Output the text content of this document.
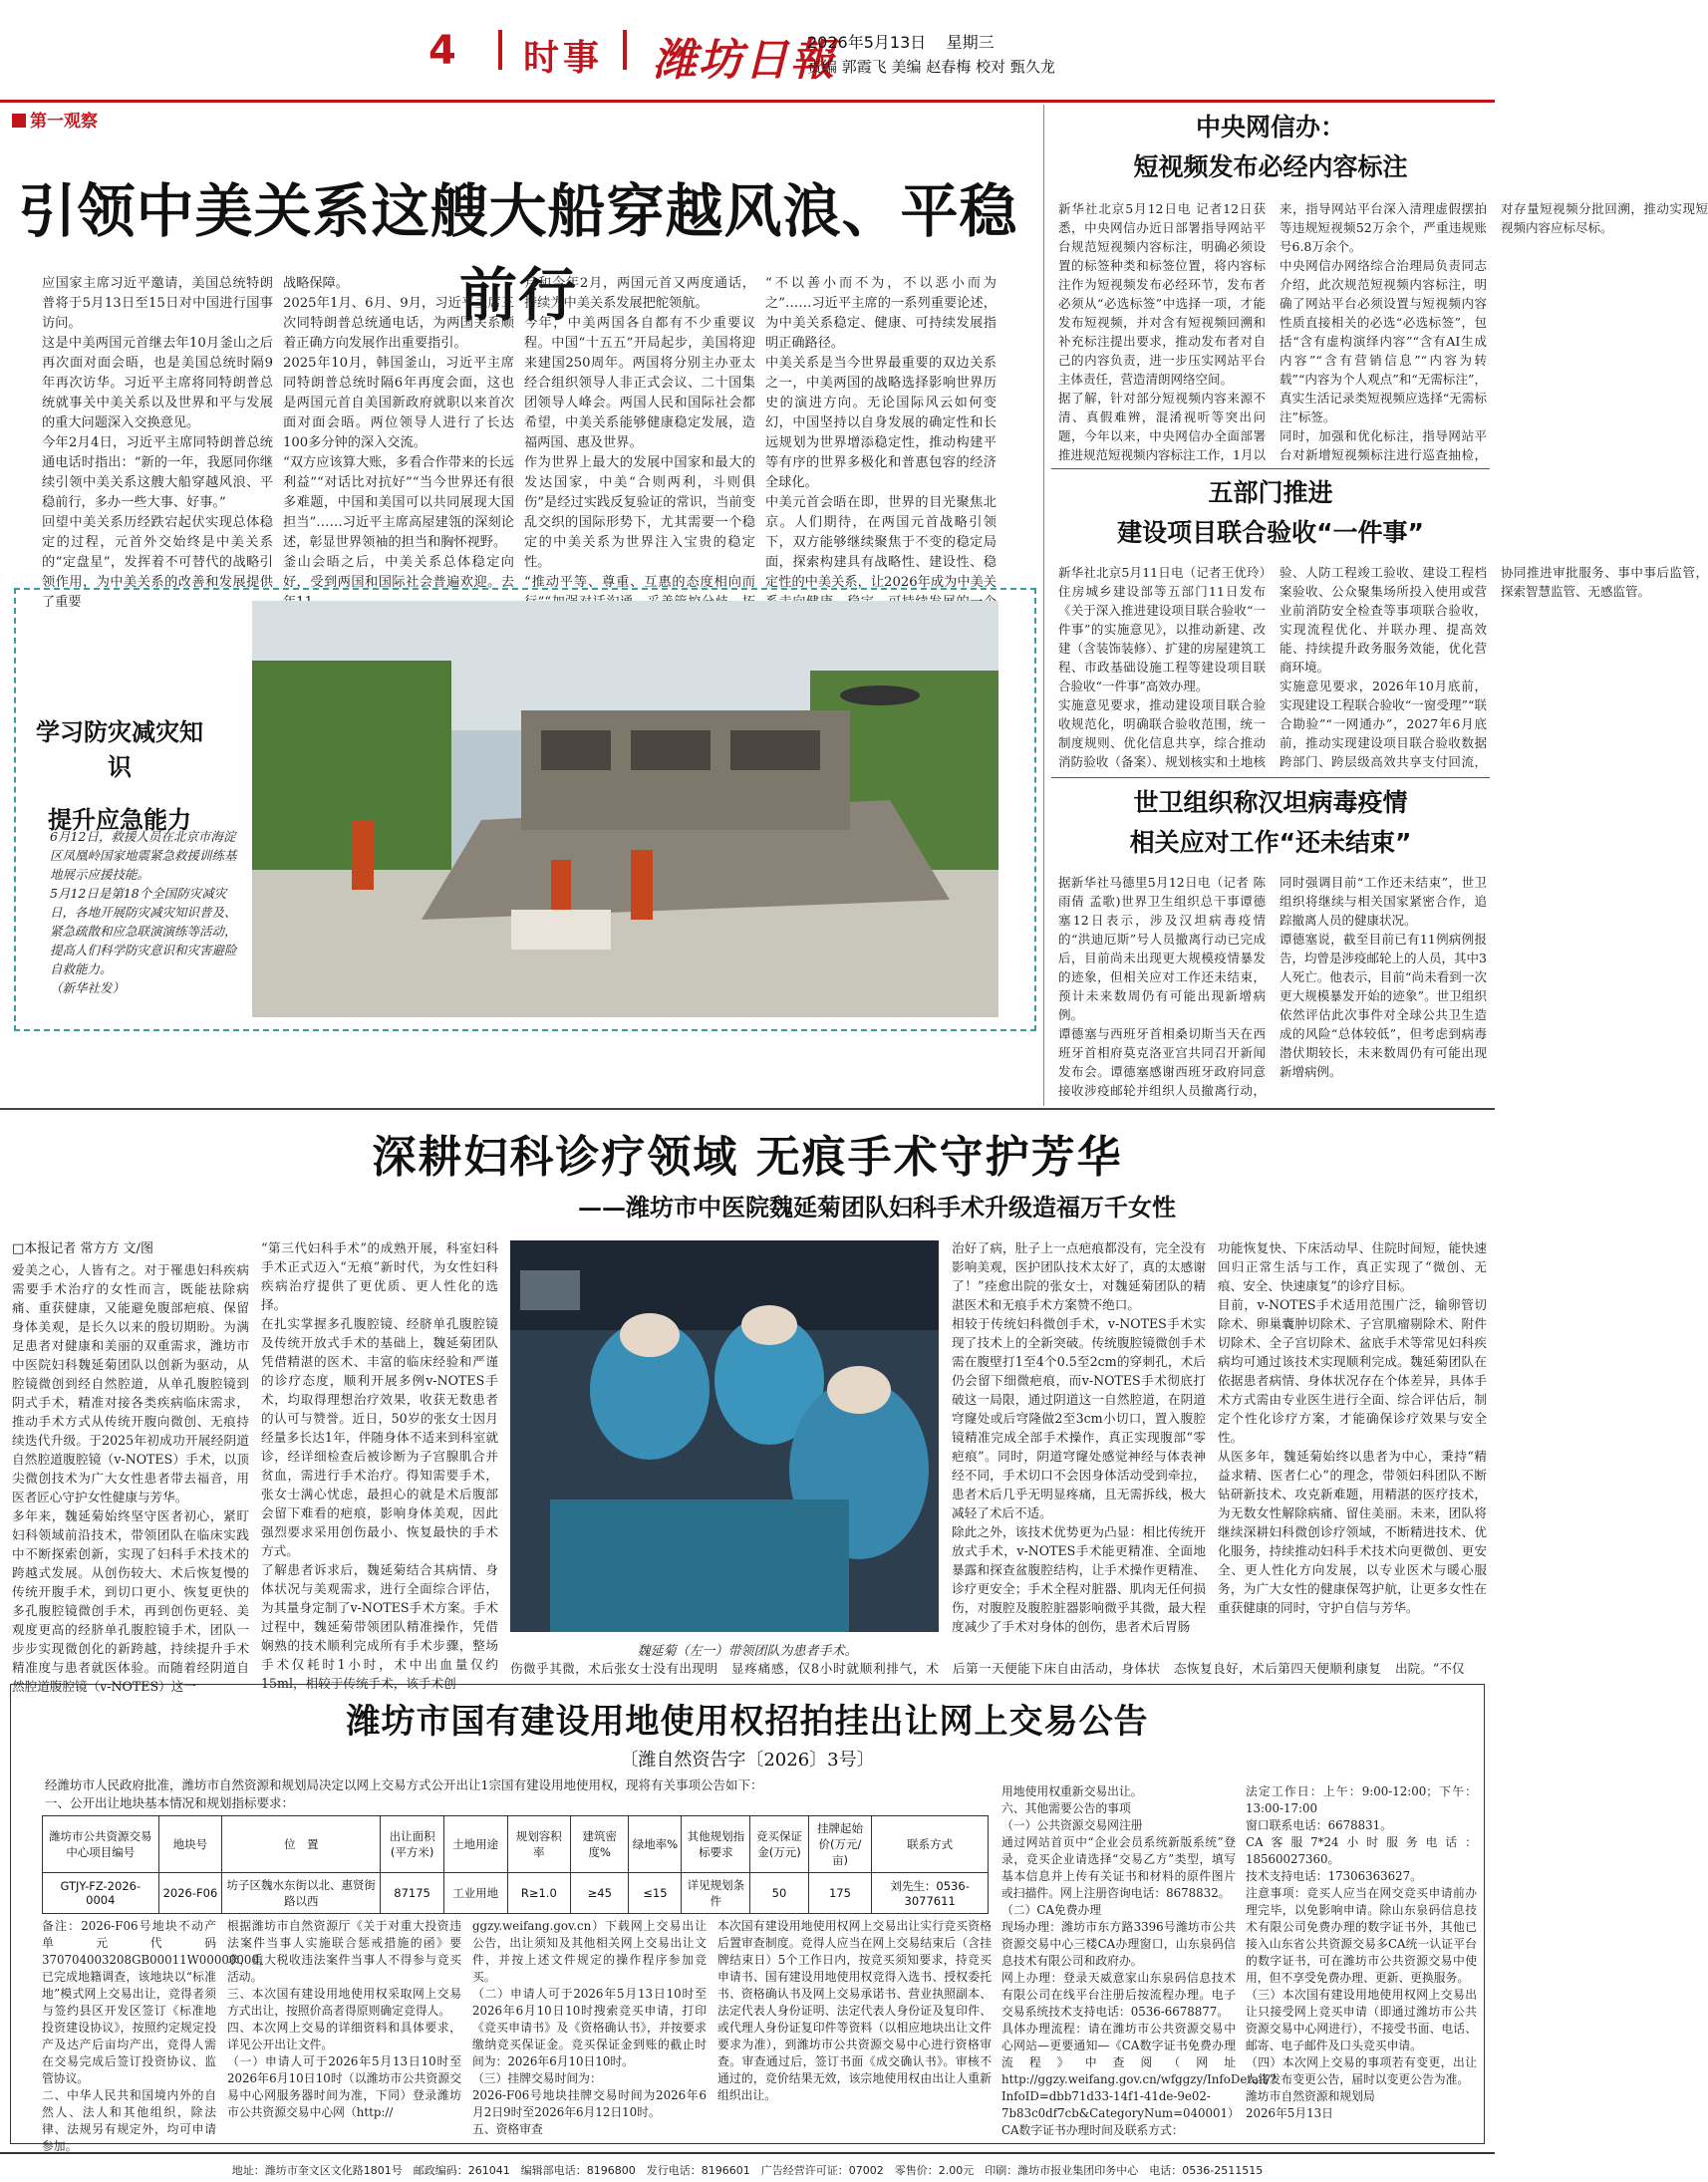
4 时事 潍坊日報
2026年5月13日 星期三
责编 郭霞飞 美编 赵春梅 校对 甄久龙
第一观察
引领中美关系这艘大船穿越风浪、平稳前行
应国家主席习近平邀请，美国总统特朗普将于5月13日至15日对中国进行国事访问。
这是中美两国元首继去年10月釜山之后再次面对面会晤，也是美国总统时隔9年再次访华。习近平主席将同特朗普总统就事关中美关系以及世界和平与发展的重大问题深入交换意见。
今年2月4日，习近平主席同特朗普总统通电话时指出：“新的一年，我愿同你继续引领中美关系这艘大船穿越风浪、平稳前行，多办一些大事、好事。”
回望中美关系历经跌宕起伏实现总体稳定的过程，元首外交始终是中美关系的“定盘星”，发挥着不可替代的战略引领作用，为中美关系的改善和发展提供了重要
战略保障。
2025年1月、6月、9月，习近平主席三次同特朗普总统通电话，为两国关系顺着正确方向发展作出重要指引。
2025年10月，韩国釜山，习近平主席同特朗普总统时隔6年再度会面，这也是两国元首自美国新政府就职以来首次面对面会晤。两位领导人进行了长达100多分钟的深入交流。
“双方应该算大账，多看合作带来的长远利益”“对话比对抗好”“当今世界还有很多难题，中国和美国可以共同展现大国担当”……习近平主席高屋建瓴的深刻论述，彰显世界领袖的担当和胸怀视野。
釜山会晤之后，中美关系总体稳定向好，受到两国和国际社会普遍欢迎。去
月和今年2月，两国元首又两度通话，持续为中美关系发展把舵领航。
今年，中美两国各自都有不少重要议程。中国“十五五”开局起步，美国将迎来建国250周年。两国将分别主办亚太经合组织领导人非正式会议、二十国集团领导人峰会。两国人民和国际社会都希望，中美关系能够健康稳定发展，造福两国、惠及世界。
作为世界上最大的发展中国家和最大的发达国家，中美“合则两利，斗则俱伤”是经过实践反复验证的常识，当前变乱交织的国际形势下，尤其需要一个稳定的中美关系为世界注入宝贵的稳定性。
“推动平等、尊重、互惠的态度相向而
“不以善小而不为，不以恶小而为之”……习近平主席的一系列重要论述，为中美关系稳定、健康、可持续发展指明正确路径。
中美关系是当今世界最重要的双边关系之一，中美两国的战略选择影响世界历史的演进方向。无论国际风云如何变幻，中国坚持以自身发展的确定性和长远规划为世界增添稳定性，推动构建平等有序的世界多极化和普惠包容的经济全球化。
中美元首会晤在即，世界的目光聚焦北京。人们期待，在两国元首战略引领下，双方能够继续聚焦于不变的稳定局面，探索构建具有战略性、建设性、稳定性的中美关系，让2026年成为中美关

学习防灾减灾知识
提升应急能力
6月12日，救援人员在北京市海淀区凤凰岭国家地震紧急救援训练基地展示应援技能。
5月12日是第18个全国防灾减灾日，各地开展防灾减灾知识普及、紧急疏散和应急联演演练等活动，提高人们科学防灾意识和灾害避险自救能力。
（新华社发）
中央网信办：
短视频发布必经内容标注
新华社北京5月12日电 记者12日获悉，中央网信办近日部署指导网站平台规范短视频内容标注，明确必须设置的标签种类和标签位置，将内容标注作为短视频发布必经环节，发布者必须从“必选标签”中选择一项，才能发布短视频，并对含有短视频回溯和补充标注提出要求，推动发布者对自己的内容负责，进一步压实网站平台主体责任，营造清朗网络空间。
据了解，针对部分短视频内容来源不清、真假难辨，混淆视听等突出问题，今年以来，中央网信办全面部署推进规范短视频内容标注工作，1月以来，指导网站平台深入清理虚假摆拍等违规短视频52万余个，严重违规账号6.8万余个。
中央网信办网络综合治理局负责同志介绍，此次规范短视频内容标注，明确了网站平台必须设置与短视频内容性质直接相关的必选“必选标签”，包括“含有虚构演绎内容”“含有AI生成内容”“含有营销信息”“内容为转载”“内容为个人观点”和“无需标注”，真实生活记录类短视频应选择“无需标注”标签。
同时，加强和优化标注，指导网站平台对新增短视频标注进行巡查抽检，对存量短视频分批回溯，推动实现短视频内容应标尽标。
五部门推进
建设项目联合验收“一件事”
新华社北京5月11日电（记者王优玲）住房城乡建设部等五部门11日发布《关于深入推进建设项目联合验收“一件事”的实施意见》，以推动新建、改建（含装饰装修）、扩建的房屋建筑工程、市政基础设施工程等建设项目联合验收“一件事”高效办理。
实施意见要求，推动建设项目联合验收规范化，明确联合验收范围，统一制度规则、优化信息共享，综合推动消防验收（备案）、规划核实和土地核验、人防工程竣工验收、建设工程档案验收、公众聚集场所投入使用或营业前消防安全检查等事项联合验收，实现流程优化、并联办理、提高效能、持续提升政务服务效能，优化营商环境。
实施意见要求，2026年10月底前，实现建设工程联合验收“一窗受理”“联合勘验”“一网通办”，2027年6月底前，推动实现建设项目联合验收数据跨部门、跨层级高效共享支付回流，协同推进审批服务、事中事后监管，探索智慧监管、无感监管。
世卫组织称汉坦病毒疫情
相关应对工作“还未结束”
据新华社马德里5月12日电（记者 陈雨倩 孟歌)世界卫生组织总干事谭德塞12日表示，涉及汉坦病毒疫情的“洪迪厄斯”号人员撤离行动已完成后，目前尚未出现更大规模疫情暴发的迹象，但相关应对工作还未结束，预计未来数周仍有可能出现新增病例。
谭德塞与西班牙首相桑切斯当天在西班牙首相府莫克洛亚宫共同召开新闻发布会。谭德塞感谢西班牙政府同意接收涉疫邮轮并组织人员撤离行动，同时强调目前“工作还未结束”，世卫组织将继续与相关国家紧密合作，追踪撤离人员的健康状况。
谭德塞说，截至目前已有11例病例报告，均曾是涉疫邮轮上的人员，其中3人死亡。他表示，目前“尚未看到一次更大规模暴发开始的迹象”。世卫组织依然评估此次事件对全球公共卫生造成的风险“总体较低”，但考虑到病毒潜伏期较长，未来数周仍有可能出现新增病例。
深耕妇科诊疗领域 无痕手术守护芳华
——潍坊市中医院魏延菊团队妇科手术升级造福万千女性
□本报记者 常方方 文/图
爱美之心，人皆有之。对于罹患妇科疾病需要手术治疗的女性而言，既能祛除病痛、重获健康，又能避免腹部疤痕、保留身体美观，是长久以来的殷切期盼。为满足患者对健康和美丽的双重需求，潍坊市中医院妇科魏延菊团队以创新为驱动，从腔镜微创到经自然腔道，从单孔腹腔镜到阴式手术，精准对接各类疾病临床需求，推动手术方式从传统开腹向微创、无痕持续迭代升级。于2025年初成功开展经阴道自然腔道腹腔镜（v-NOTES）手术，以顶尖微创技术为广大女性患者带去福音，用医者匠心守护女性健康与芳华。
多年来，魏延菊始终坚守医者初心，紧盯妇科领域前沿技术，带领团队在临床实践中不断探索创新，实现了妇科手术技术的跨越式发展。从创伤较大、术后恢复慢的传统开腹手术，到切口更小、恢复更快的多孔腹腔镜微创手术，再到创伤更轻、美观度更高的经脐单孔腹腔镜手术，团队一步步实现微创化的新跨越，持续提升手术精准度与患者就医体验。而随着经阴道自然腔道腹腔镜（v-NOTES）这一
“第三代妇科手术”的成熟开展，科室妇科手术正式迈入“无痕”新时代，为女性妇科疾病治疗提供了更优质、更人性化的选择。
在扎实掌握多孔腹腔镜、经脐单孔腹腔镜及传统开放式手术的基础上，魏延菊团队凭借精湛的医术、丰富的临床经验和严谨的诊疗态度，顺利开展多例v-NOTES手术，均取得理想治疗效果，收获无数患者的认可与赞誉。近日，50岁的张女士因月经量多长达1年，伴随身体不适来到科室就诊，经详细检查后被诊断为子宫腺肌合并贫血，需进行手术治疗。得知需要手术，张女士满心忧虑，最担心的就是术后腹部会留下难看的疤痕，影响身体美观，因此强烈要求采用创伤最小、恢复最快的手术方式。
了解患者诉求后，魏延菊结合其病情、身体状况与美观需求，进行全面综合评估，为其量身定制了v-NOTES手术方案。手术过程中，魏延菊带领团队精准操作，凭借娴熟的技术顺利完成所有手术步骤，整场手术仅耗时1小时，术中出血量仅约15ml，相较于传统手术，该手术创
魏延菊（左一）带领团队为患者手术。
伤微乎其微，术后张女士没有出现明显疼痛感，仅8小时就顺利排气，术后第一天便能下床自由活动，身体状态恢复良好，术后第四天便顺利康复出院。“不仅
治好了病，肚子上一点疤痕都没有，完全没有影响美观，医护团队技术太好了，真的太感谢了！”痊愈出院的张女士，对魏延菊团队的精湛医术和无痕手术方案赞不绝口。
相较于传统妇科微创手术，v-NOTES手术实现了技术上的全新突破。传统腹腔镜微创手术需在腹壁打1至4个0.5至2cm的穿刺孔，术后仍会留下细微疤痕，而v-NOTES手术彻底打破这一局限，通过阴道这一自然腔道，在阴道穹窿处或后穹隆做2至3cm小切口，置入腹腔镜精准完成全部手术操作，真正实现腹部“零疤痕”。同时，阴道穹窿处感觉神经与体表神经不同，手术切口不会因身体活动受到牵拉，患者术后几乎无明显疼痛，且无需拆线，极大减轻了术后不适。
除此之外，该技术优势更为凸显：相比传统开放式手术，v-NOTES手术能更精准、全面地暴露和探查盆腹腔结构，让手术操作更精准、诊疗更安全；手术全程对脏器、肌肉无任何损伤，对腹腔及腹腔脏器影响微乎其微，最大程度减少了手术对身体的创伤，患者术后胃肠
功能恢复快、下床活动早、住院时间短，能快速回归正常生活与工作，真正实现了“微创、无痕、安全、快速康复”的诊疗目标。
目前，v-NOTES手术适用范围广泛，输卵管切除术、卵巢囊肿切除术、子宫肌瘤剔除术、附件切除术、全子宫切除术、盆底手术等常见妇科疾病均可通过该技术实现顺利完成。魏延菊团队在依据患者病情、身体状况存在个体差异，具体手术方式需由专业医生进行全面、综合评估后，制定个性化诊疗方案，才能确保诊疗效果与安全性。
从医多年，魏延菊始终以患者为中心，秉持“精益求精、医者仁心”的理念，带领妇科团队不断钻研新技术、攻克新难题，用精湛的医疗技术，为无数女性解除病痛、留住美丽。未来，团队将继续深耕妇科微创诊疗领域，不断精进技术、优化服务，持续推动妇科手术技术向更微创、更安全、更人性化方向发展，以专业医术与暖心服务，为广大女性的健康保驾护航，让更多女性在重获健康的同时，守护自信与芳华。
潍坊市国有建设用地使用权招拍挂出让网上交易公告
〔潍自然资告字〔2026〕3号〕
经潍坊市人民政府批准，潍坊市自然资源和规划局决定以网上交易方式公开出让1宗国有建设用地使用权，现将有关事项公告如下：
一、公开出让地块基本情况和规划指标要求：
潍坊市公共资源交易中心项目编号	地块号	位　置	出让面积(平方米)	土地用途	规划容积率	建筑密度%	绿地率%	其他规划指标要求	竞买保证金(万元)	挂牌起始价(万元/亩)	联系方式
GTJY-FZ-2026-0004	2026-F06	坊子区魏水东街以北、惠贤街路以西	87175	工业用地	R≥1.0	≥45	≤15	详见规划条件	50	175	刘先生：0536-3077611
备注：2026-F06号地块不动产单元代码370704003208GB00011W00000000，已完成地籍调查，该地块以“标准地”模式网上交易出让，竞得者须与签约县区开发区签订《标准地投资建设协议》，按照约定规定投产及达产后亩均产出，竞得人需在交易完成后签订投资协议、监管协议。
二、中华人民共和国境内外的自然人、法人和其他组织，除法律、法规另有规定外，均可申请参加。
根据潍坊市自然资源厅《关于对重大投资违法案件当事人实施联合惩戒措施的函》要求，重大税收违法案件当事人不得参与竞买活动。
三、本次国有建设用地使用权采取网上交易方式出让，按照价高者得原则确定竞得人。
四、本次网上交易的详细资料和具体要求，详见公开出让文件。
（一）申请人可于2026年5月13日10时至2026年6月10日10时（以潍坊市公共资源交易中心网服务器时间为准，下同）登录潍坊市公共资源交易中心网（http://
ggzy.weifang.gov.cn）下载网上交易出让公告，出让须知及其他相关网上交易出让文件，并按上述文件规定的操作程序参加竞买。
（二）申请人可于2026年5月13日10时至2026年6月10日10时搜索竞买申请，打印《竞买申请书》及《资格确认书》，并按要求缴纳竞买保证金。竞买保证金到账的截止时间为：2026年6月10日10时。
（三）挂牌交易时间为：
2026-F06号地块挂牌交易时间为2026年6月2日9时至2026年6月12日10时。
五、资格审查
本次国有建设用地使用权网上交易出让实行竞买资格后置审查制度。竞得人应当在网上交易结束后（含挂牌结束日）5个工作日内，按竞买须知要求，持竞买申请书、国有建设用地使用权竞得入选书、授权委托书、资格确认书及网上交易承诺书、营业执照副本、法定代表人身份证明、法定代表人身份证及复印件、或代理人身份证复印件等资料（以相应地块出让文件要求为准），到潍坊市公共资源交易中心进行资格审查。审查通过后，签订书面《成交确认书》。审核不通过的，竞价结果无效，该宗地使用权由出让人重新组织出让。
用地使用权重新交易出让。
六、其他需要公告的事项
（一）公共资源交易网注册
通过网站首页中“企业会员系统新版系统”登录，竞买企业请选择“交易乙方”类型，填写基本信息并上传有关证书和材料的原件图片或扫描件。网上注册咨询电话：8678832。
（二）CA免费办理
现场办理：潍坊市东方路3396号潍坊市公共资源交易中心三楼CA办理窗口，山东泉码信息技术有限公司和政府办。
网上办理：登录天威意家山东泉码信息技术有限公司在线平台注册后按流程办理。电子交易系统技术支持电话：0536-6678877。
具体办理流程：请在潍坊市公共资源交易中心网站—更要通知—《CA数字证书免费办理流程》中查阅（网址http://ggzy.weifang.gov.cn/wfggzy/InfoDetail/?InfoID=dbb71d33-14f1-41de-9e02-7b83c0df7cb&CategoryNum=040001）
CA数字证书办理时间及联系方式：
法定工作日：上午：9:00-12:00；下午：13:00-17:00
窗口联系电话：6678831。
CA客服7*24小时服务电话：18560027360。
技术支持电话：17306363627。
注意事项：竞买人应当在网交竞买申请前办理完毕，以免影响申请。除山东泉码信息技术有限公司免费办理的数字证书外，其他已接入山东省公共资源交易多CA统一认证平台的数字证书，可在潍坊市公共资源交易中使用，但不享受免费办理、更新、更换服务。
（三）本次国有建设用地使用权网上交易出让只接受网上竞买申请（即通过潍坊市公共资源交易中心网进行），不接受书面、电话、邮寄、电子邮件及口头竞买申请。
（四）本次网上交易的事项若有变更，出让人将发布变更公告，届时以变更公告为准。
潍坊市自然资源和规划局
2026年5月13日
地址：潍坊市奎文区文化路1801号　邮政编码：261041　编辑部电话：8196800　发行电话：8196601　广告经营许可证：07002　零售价：2.00元　印刷：潍坊市报业集团印务中心　电话：0536-2511515
